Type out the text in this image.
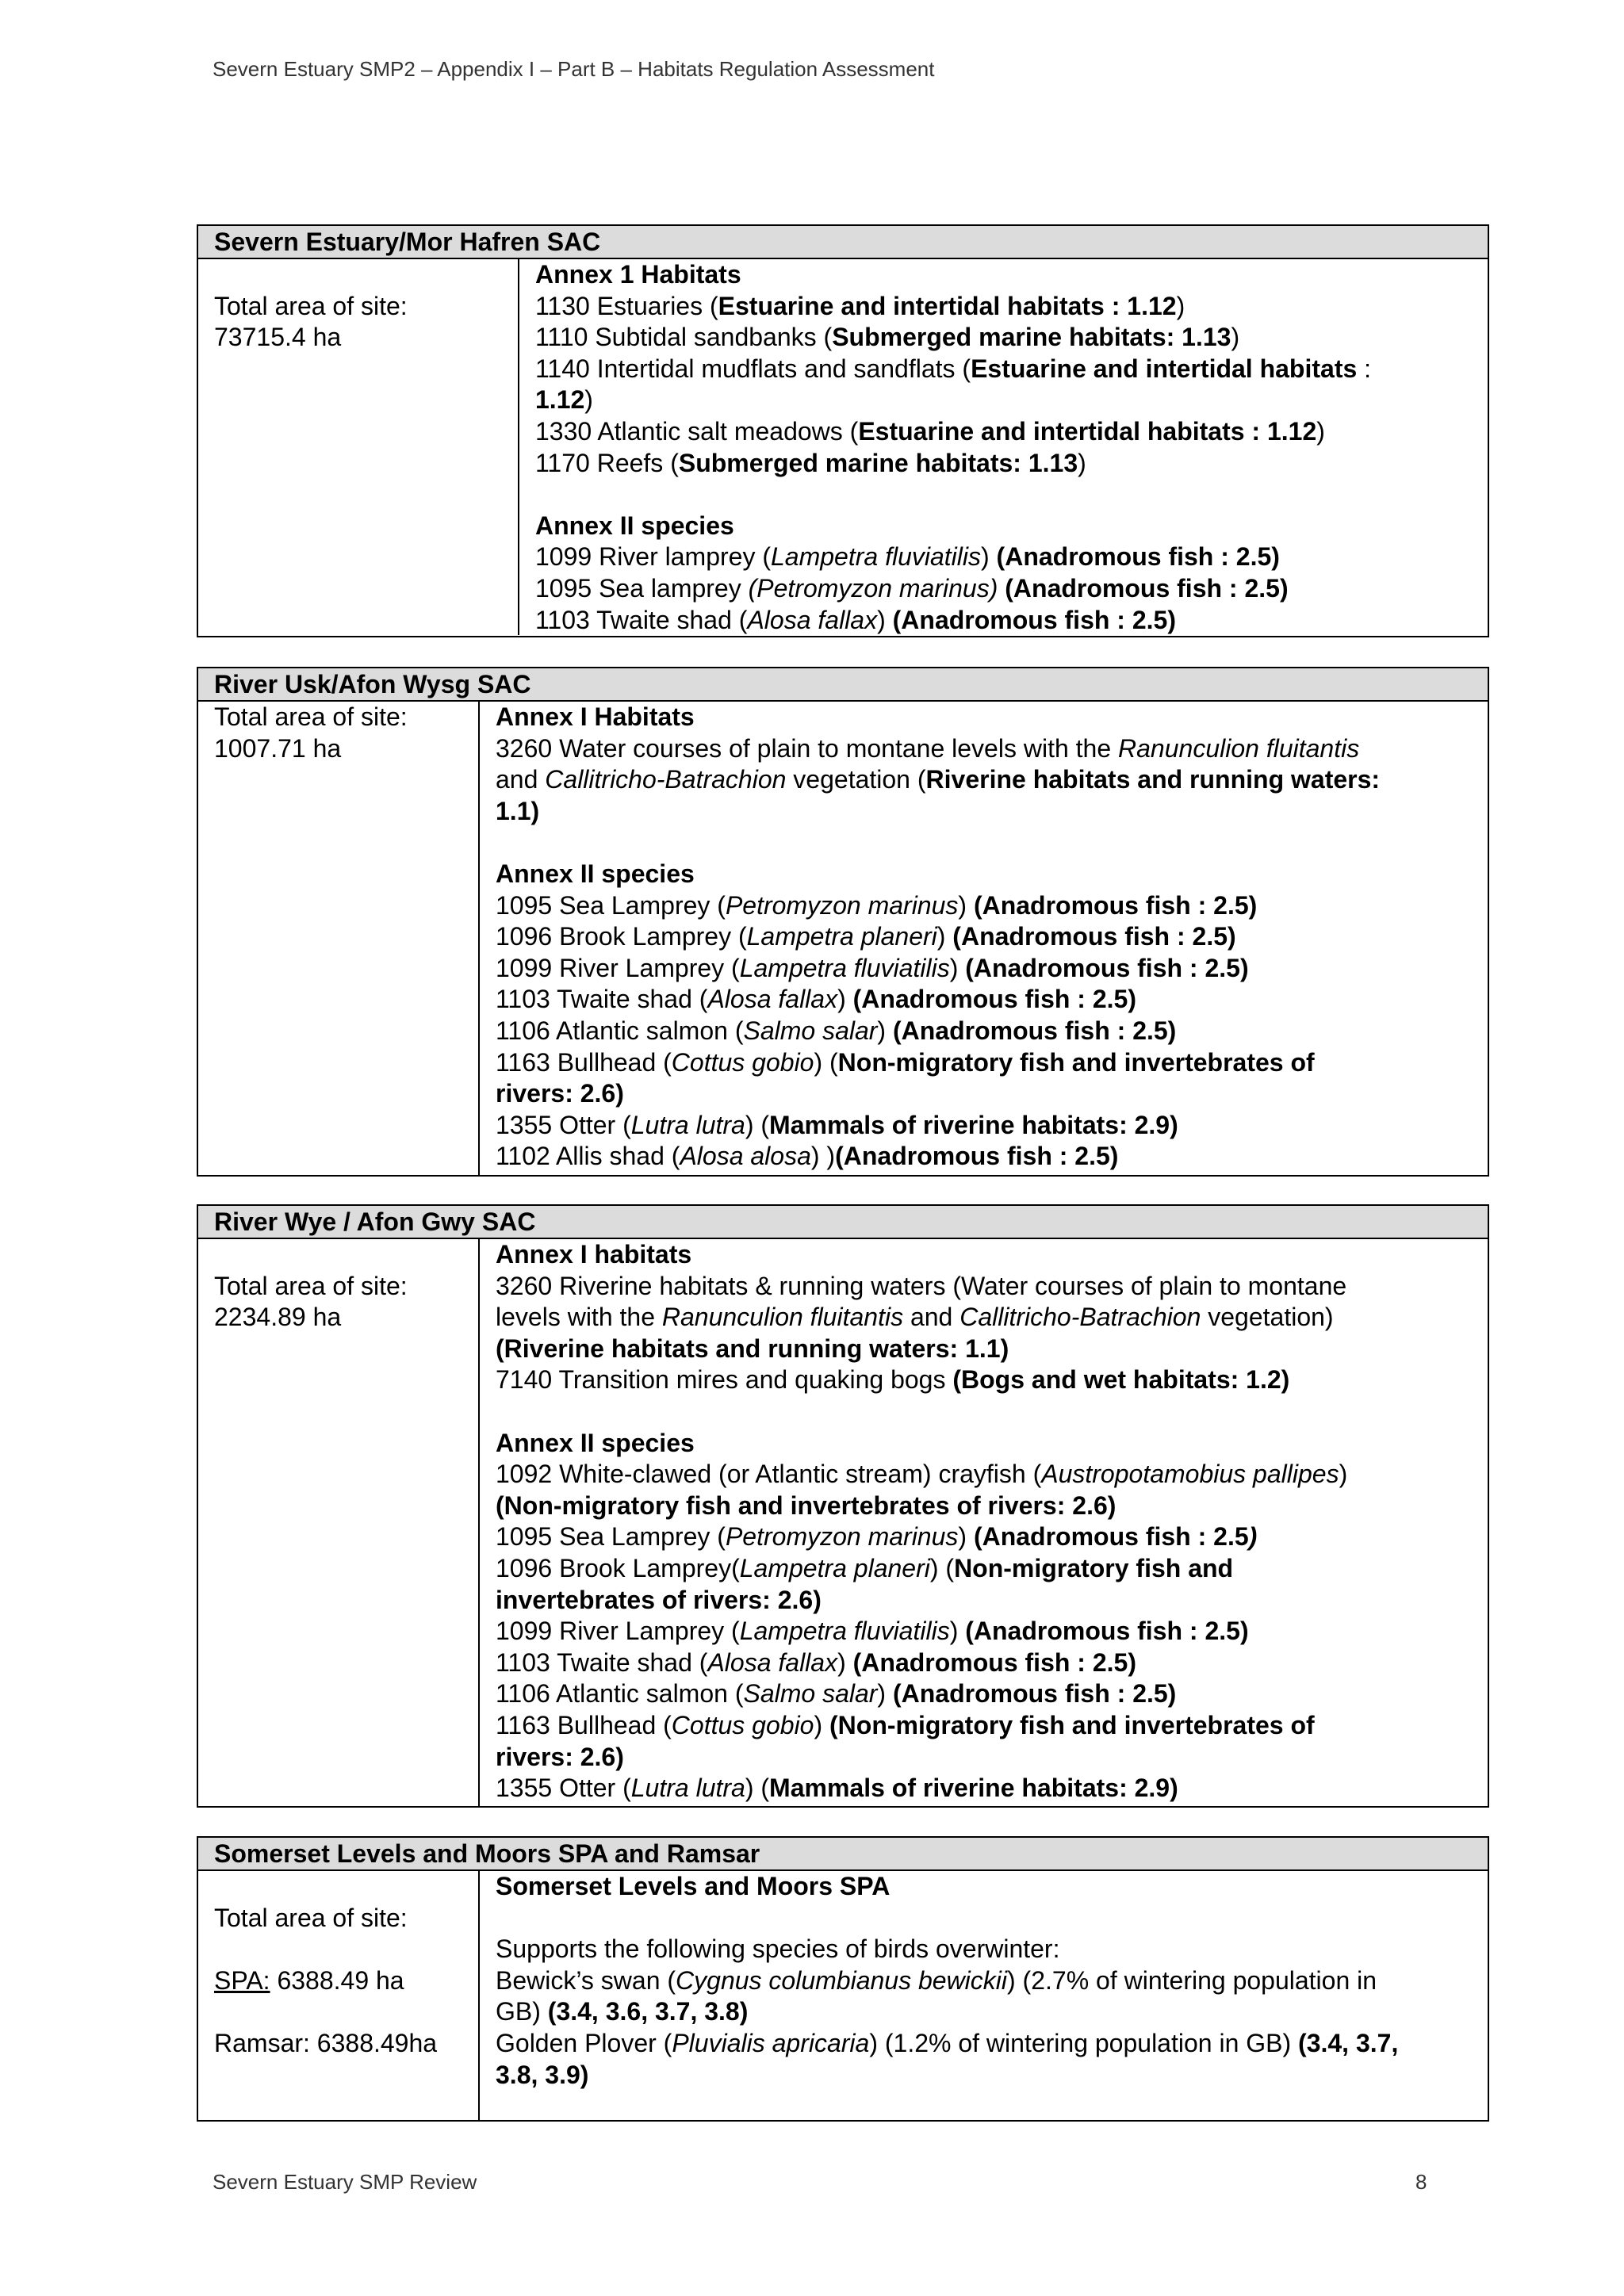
Severn Estuary SMP2 – Appendix I – Part B – Habitats Regulation Assessment
Severn Estuary/Mor Hafren SAC
Total area of site:
73715.4 ha
Annex 1 Habitats
1130 Estuaries (Estuarine and intertidal habitats : 1.12)
1110 Subtidal sandbanks (Submerged marine habitats: 1.13)
1140 Intertidal mudflats and sandflats (Estuarine and intertidal habitats :
1.12)
1330 Atlantic salt meadows (Estuarine and intertidal habitats : 1.12)
1170 Reefs (Submerged marine habitats: 1.13)
Annex II species
1099 River lamprey (Lampetra fluviatilis) (Anadromous fish : 2.5)
1095 Sea lamprey (Petromyzon marinus) (Anadromous fish : 2.5)
1103 Twaite shad (Alosa fallax) (Anadromous fish : 2.5)
River Usk/Afon Wysg SAC
Total area of site:
1007.71 ha
Annex I Habitats
3260 Water courses of plain to montane levels with the Ranunculion fluitantis
and Callitricho-Batrachion vegetation (Riverine habitats and running waters:
1.1)
Annex II species
1095 Sea Lamprey (Petromyzon marinus) (Anadromous fish : 2.5)
1096 Brook Lamprey (Lampetra planeri) (Anadromous fish : 2.5)
1099 River Lamprey (Lampetra fluviatilis) (Anadromous fish : 2.5)
1103 Twaite shad (Alosa fallax) (Anadromous fish : 2.5)
1106 Atlantic salmon (Salmo salar) (Anadromous fish : 2.5)
1163 Bullhead (Cottus gobio) (Non-migratory fish and invertebrates of
rivers: 2.6)
1355 Otter (Lutra lutra) (Mammals of riverine habitats: 2.9)
1102 Allis shad (Alosa alosa) )(Anadromous fish : 2.5)
River Wye / Afon Gwy SAC
Total area of site:
2234.89 ha
Annex I habitats
3260 Riverine habitats & running waters (Water courses of plain to montane
levels with the Ranunculion fluitantis and Callitricho-Batrachion vegetation)
(Riverine habitats and running waters: 1.1)
7140 Transition mires and quaking bogs (Bogs and wet habitats: 1.2)
Annex II species
1092 White-clawed (or Atlantic stream) crayfish (Austropotamobius pallipes)
(Non-migratory fish and invertebrates of rivers: 2.6)
1095 Sea Lamprey (Petromyzon marinus) (Anadromous fish : 2.5)
1096 Brook Lamprey(Lampetra planeri) (Non-migratory fish and
invertebrates of rivers: 2.6)
1099 River Lamprey (Lampetra fluviatilis) (Anadromous fish : 2.5)
1103 Twaite shad (Alosa fallax) (Anadromous fish : 2.5)
1106 Atlantic salmon (Salmo salar) (Anadromous fish : 2.5)
1163 Bullhead (Cottus gobio) (Non-migratory fish and invertebrates of
rivers: 2.6)
1355 Otter (Lutra lutra) (Mammals of riverine habitats: 2.9)
Somerset Levels and Moors SPA and Ramsar
Total area of site:
SPA: 6388.49 ha
Ramsar: 6388.49ha
Somerset Levels and Moors SPA
Supports the following species of birds overwinter:
Bewick’s swan (Cygnus columbianus bewickii) (2.7% of wintering population in
GB) (3.4, 3.6, 3.7, 3.8)
Golden Plover (Pluvialis apricaria) (1.2% of wintering population in GB) (3.4, 3.7,
3.8, 3.9)
Severn Estuary SMP Review	8
